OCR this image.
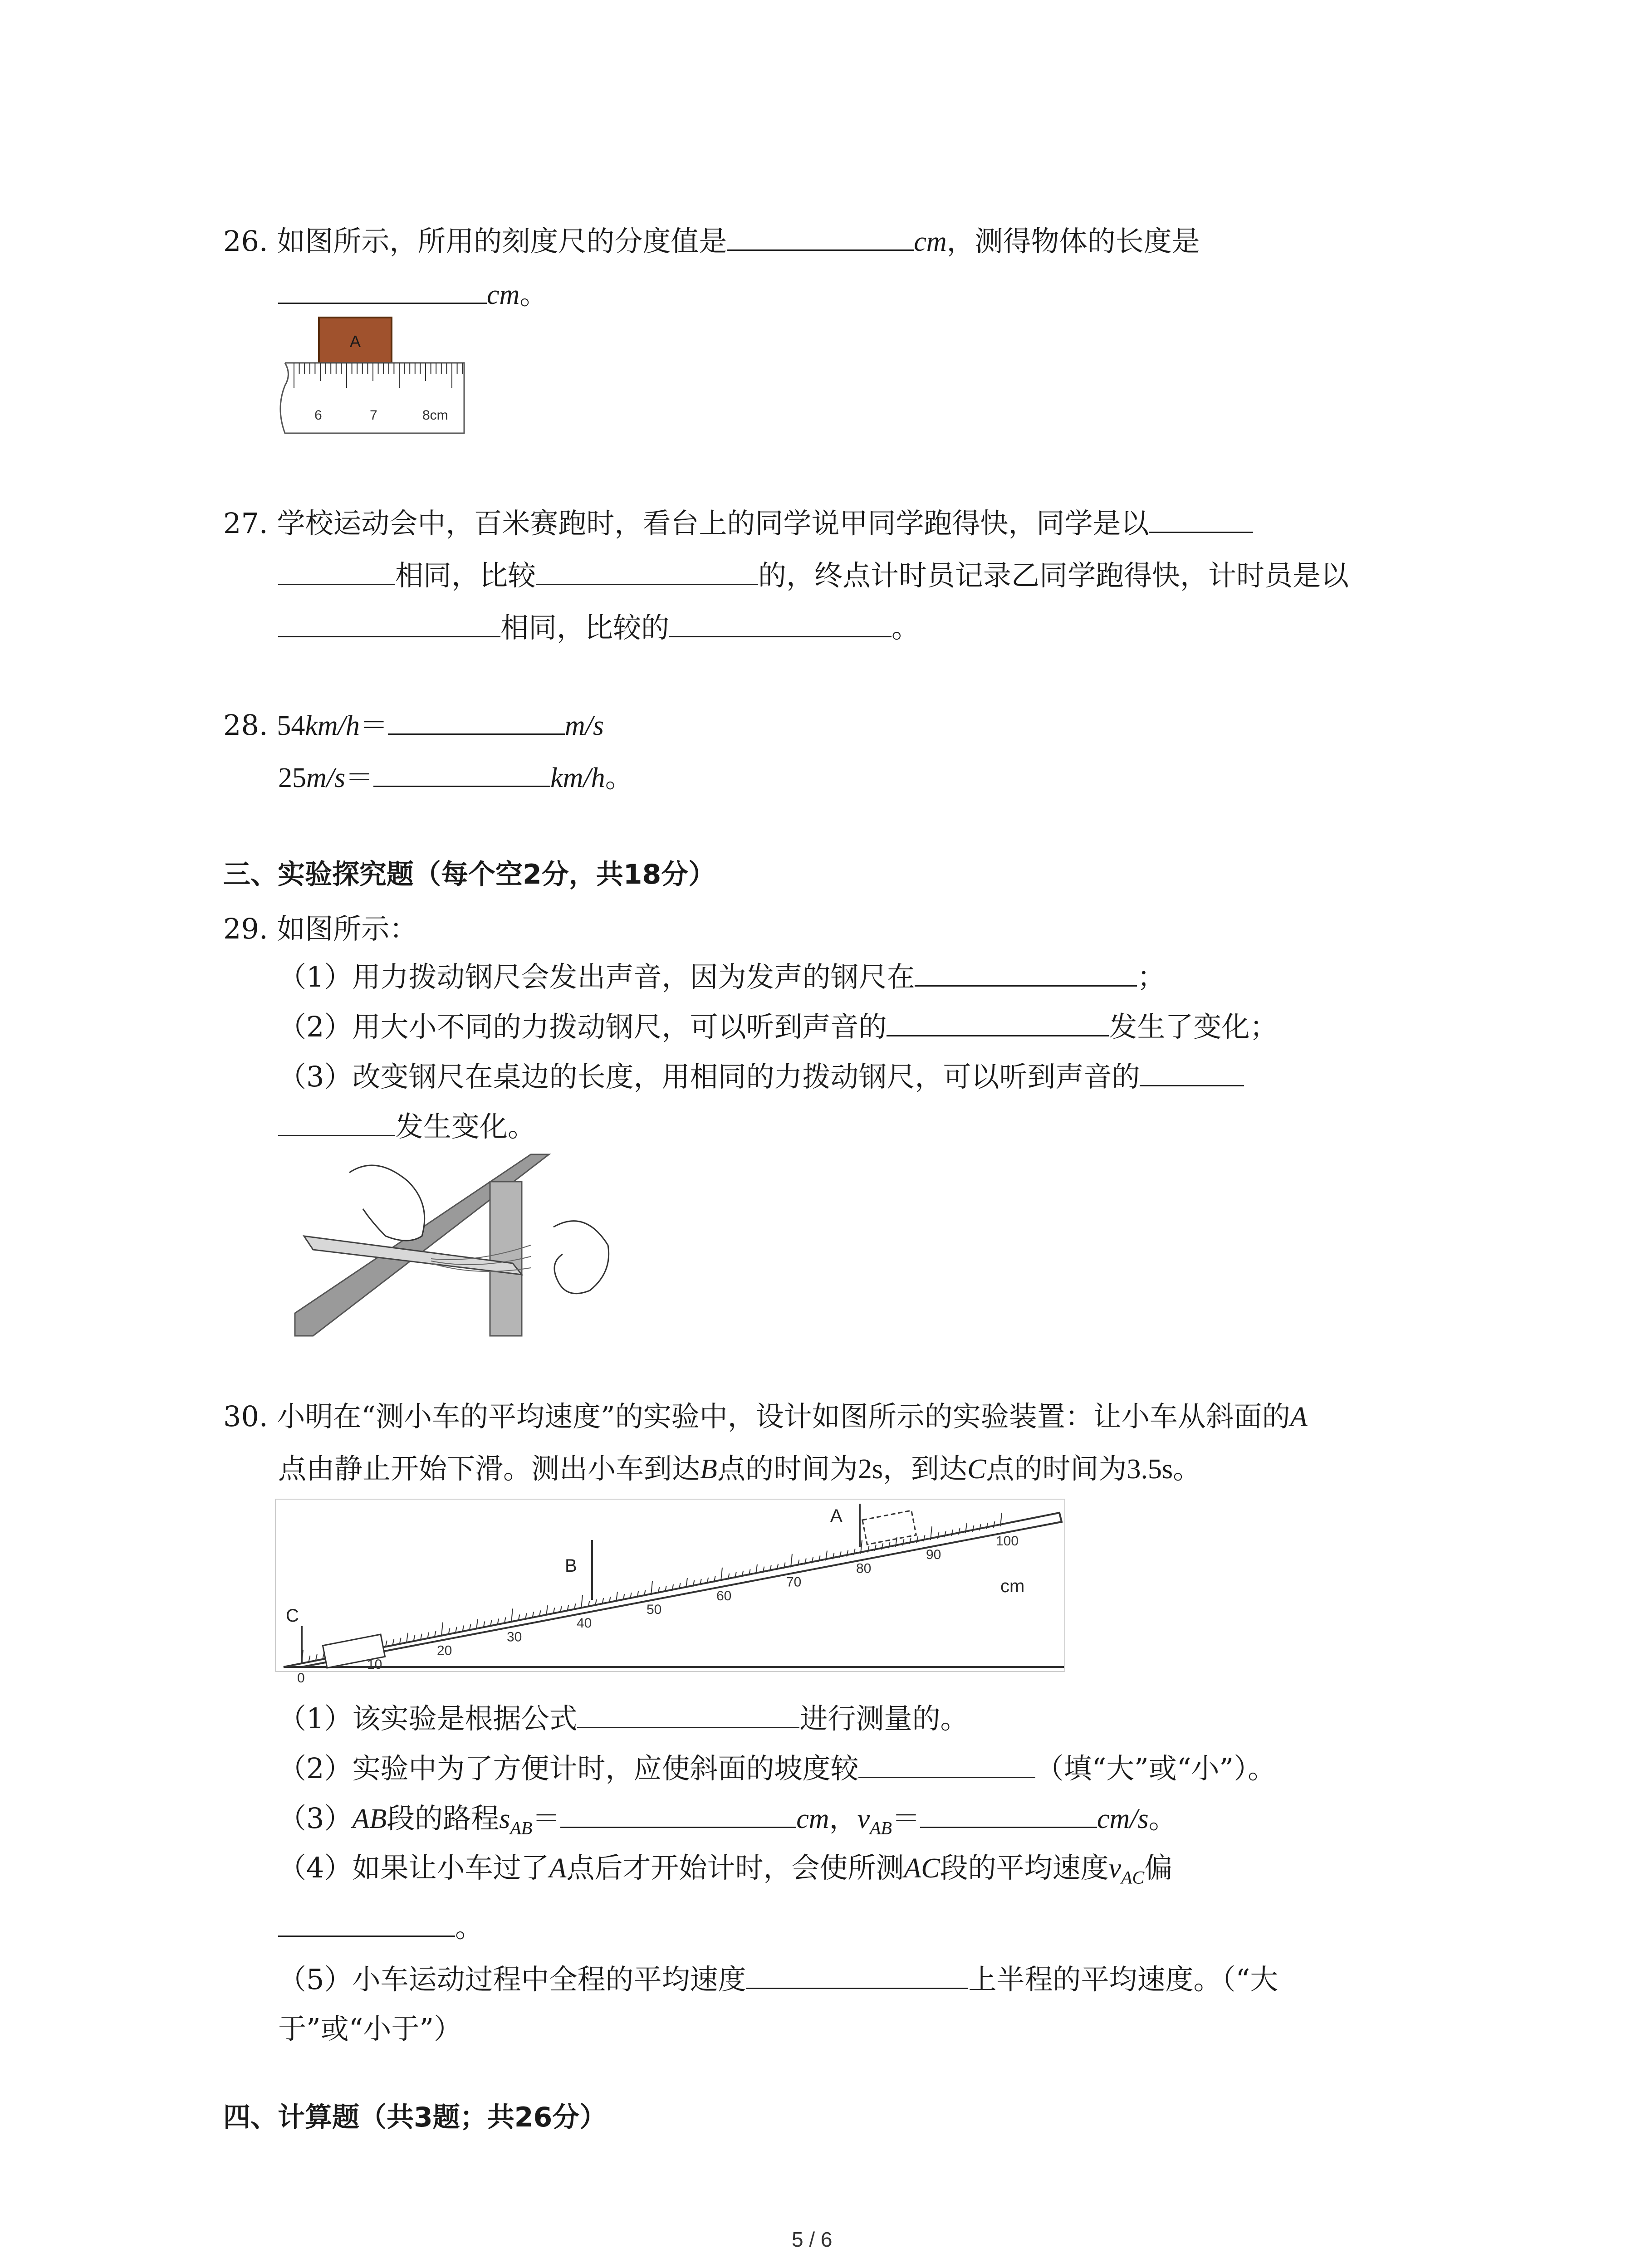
26. 如图所示，所用的刻度尺的分度值是	cm，测得物体的长度是
cm。
A
6	7	8cm
27. 学校运动会中，百米赛跑时，看台上的同学说甲同学跑得快，同学是以
相同，比较	的，终点计时员记录乙同学跑得快，计时员是以
相同，比较的	。
28. 54km/h＝	m/s
25m/s＝	km/h。
三、实验探究题（每个空2分，共18分）
29. 如图所示：
（1）用力拨动钢尺会发出声音，因为发声的钢尺在	；
（2）用大小不同的力拨动钢尺，可以听到声音的	发生了变化；
（3）改变钢尺在桌边的长度，用相同的力拨动钢尺，可以听到声音的
发生变化。
30. 小明在“测小车的平均速度”的实验中，设计如图所示的实验装置：让小车从斜面的A
点由静止开始下滑。测出小车到达B点的时间为2s，到达C点的时间为3.5s。
0
10
20
30
40
50
60
70
80
90
100
B
A
C
cm
（1）该实验是根据公式	进行测量的。
（2）实验中为了方便计时，应使斜面的坡度较	（填“大”或“小”）。
（3）AB段的路程$s_{AB}=$	cm，$v_{AB}=$	cm/s。
（4）如果让小车过了A点后才开始计时，会使所测AC段的平均速度$v_{AC}$偏
。
（5）小车运动过程中全程的平均速度	上半程的平均速度。（“大
于”或“小于”）
四、计算题（共3题；共26分）
5 / 6
